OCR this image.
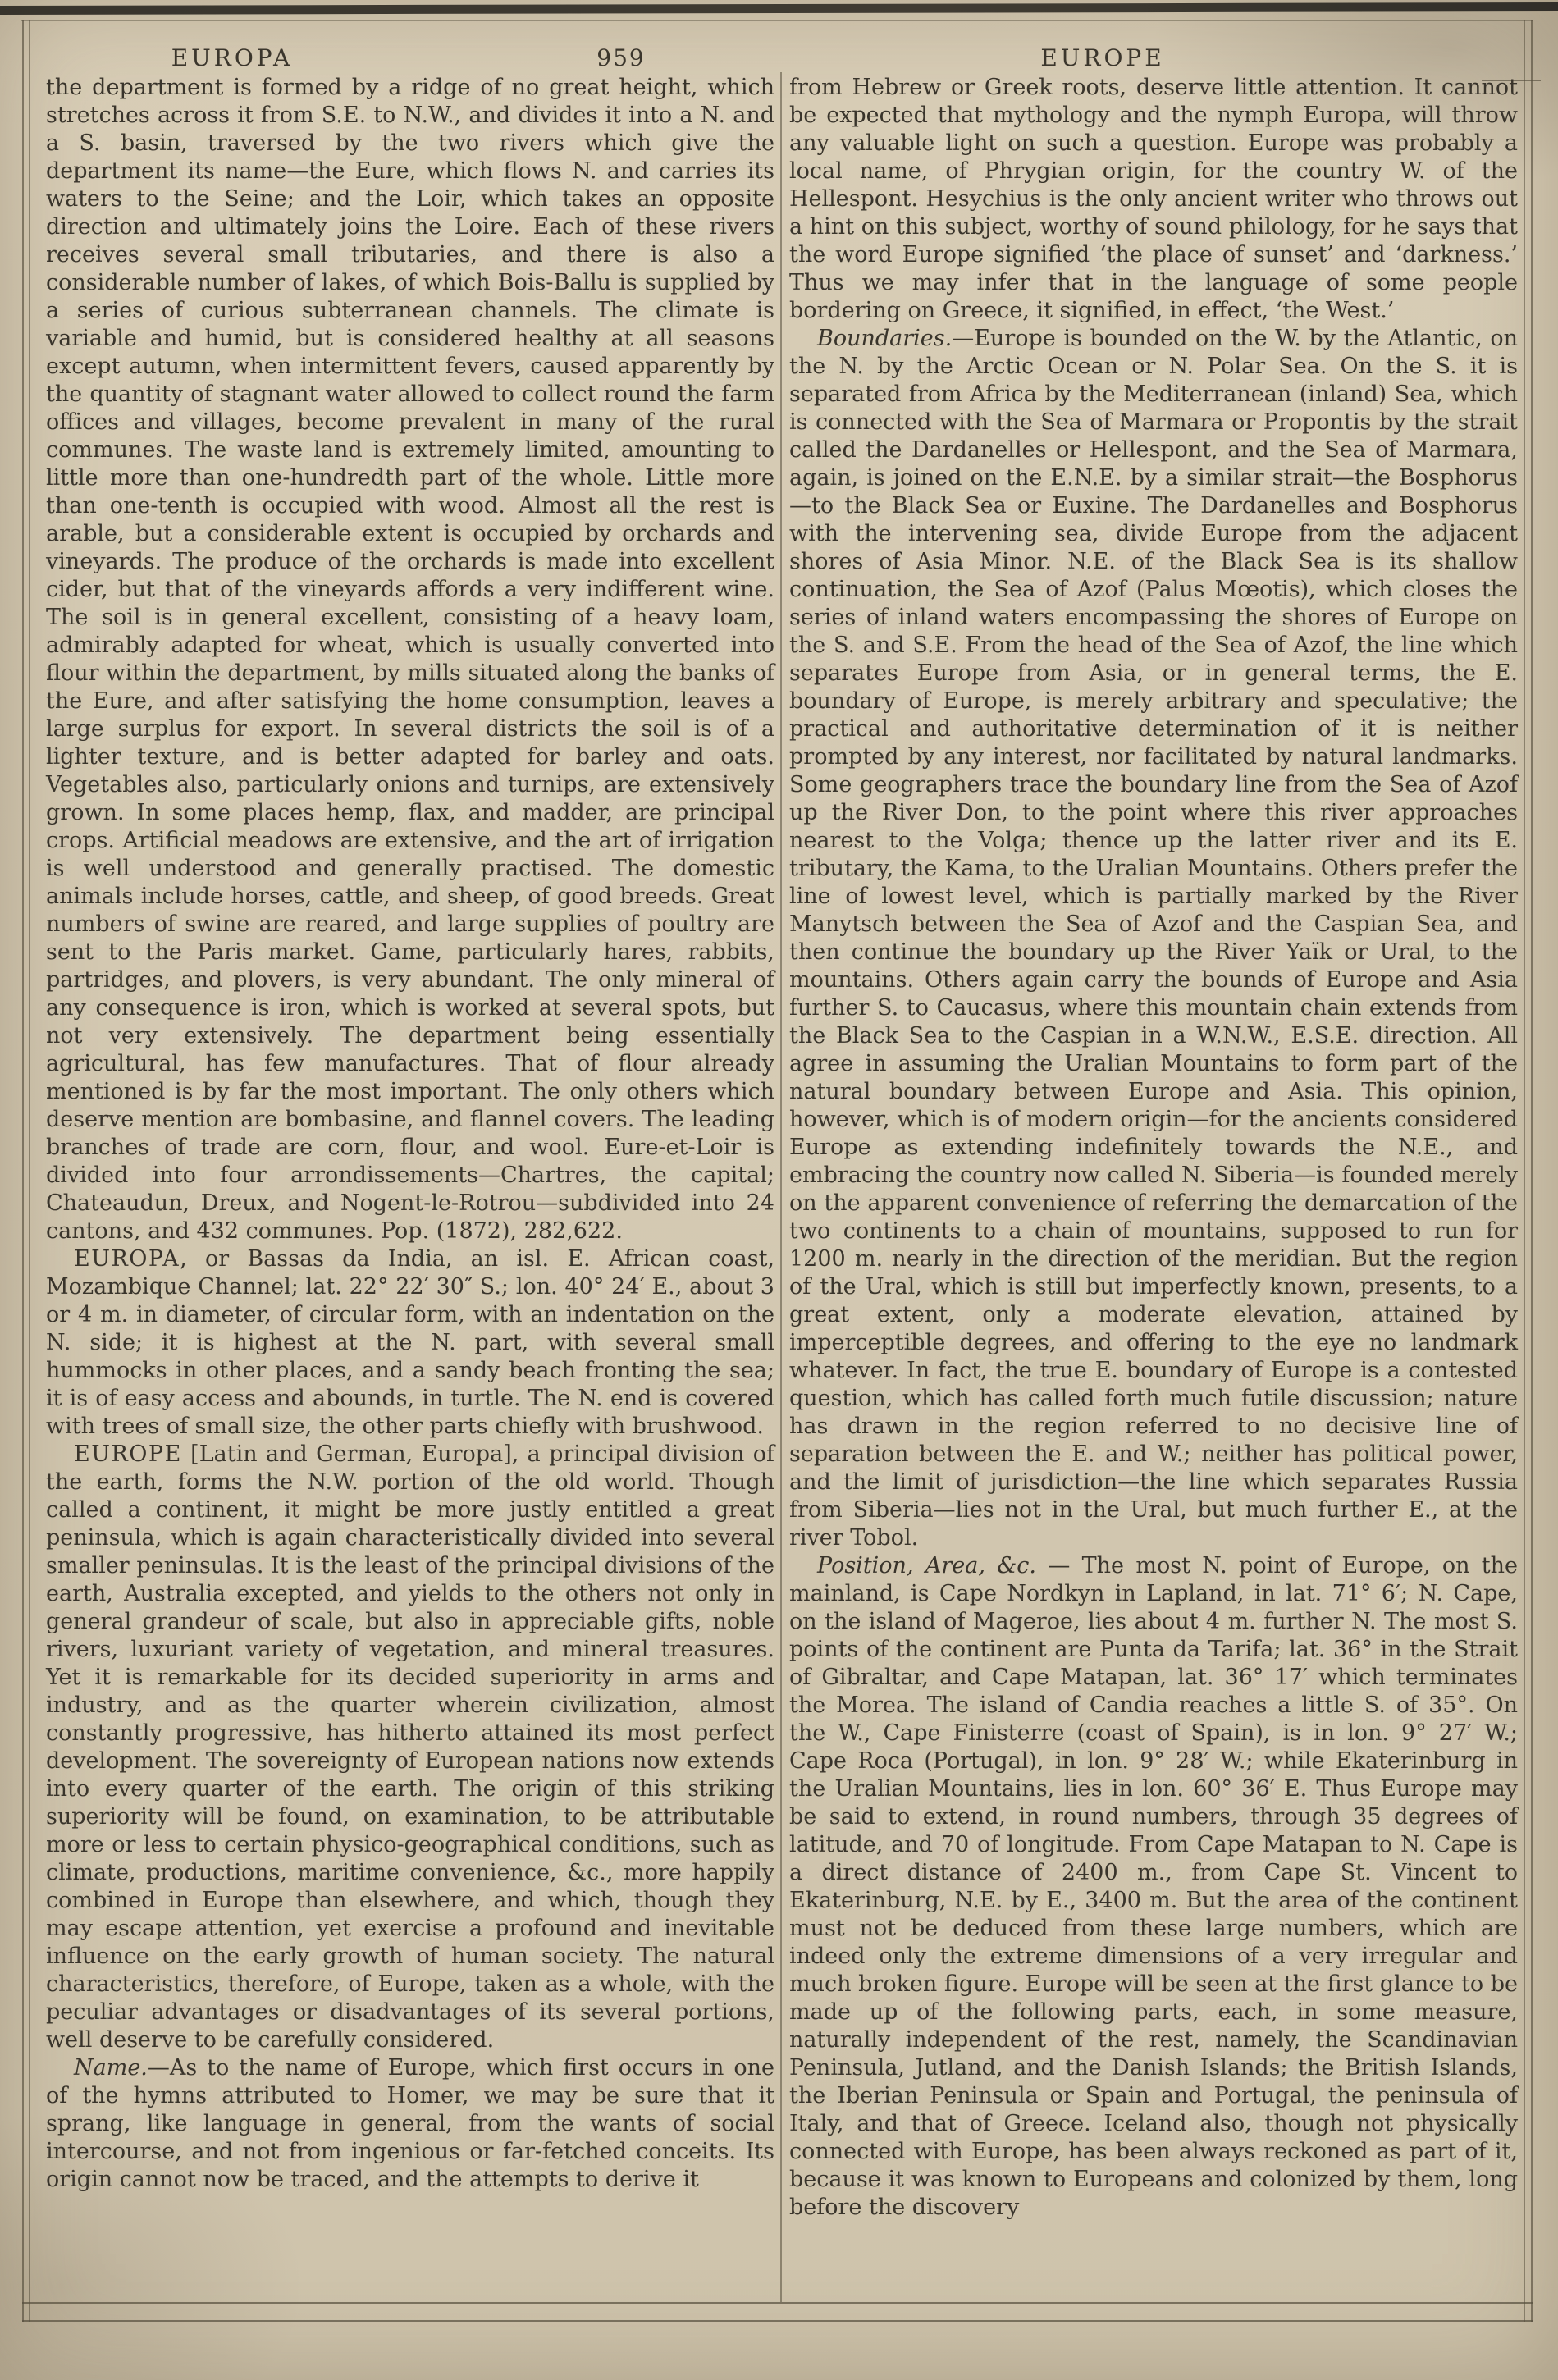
EUROPA	959	EUROPE

the department is formed by a ridge of no great height, which stretches across it from S.E. to N.W., and divides it into a N. and a S. basin, traversed by the two rivers which give the department its name—the Eure, which flows N. and carries its waters to the Seine; and the Loir, which takes an opposite direction and ultimately joins the Loire. Each of these rivers receives several small tributaries, and there is also a considerable number of lakes, of which Bois-Ballu is supplied by a series of curious subterranean channels. The climate is variable and humid, but is considered healthy at all seasons except autumn, when intermittent fevers, caused apparently by the quantity of stagnant water allowed to collect round the farm offices and villages, become prevalent in many of the rural communes. The waste land is extremely limited, amounting to little more than one-hundredth part of the whole. Little more than one-tenth is occupied with wood. Almost all the rest is arable, but a considerable extent is occupied by orchards and vineyards. The produce of the orchards is made into excellent cider, but that of the vineyards affords a very indifferent wine. The soil is in general excellent, consisting of a heavy loam, admirably adapted for wheat, which is usually converted into flour within the department, by mills situated along the banks of the Eure, and after satisfying the home consumption, leaves a large surplus for export. In several districts the soil is of a lighter texture, and is better adapted for barley and oats. Vegetables also, particularly onions and turnips, are extensively grown. In some places hemp, flax, and madder, are principal crops. Artificial meadows are extensive, and the art of irrigation is well understood and generally practised. The domestic animals include horses, cattle, and sheep, of good breeds. Great numbers of swine are reared, and large supplies of poultry are sent to the Paris market. Game, particularly hares, rabbits, partridges, and plovers, is very abundant. The only mineral of any consequence is iron, which is worked at several spots, but not very extensively. The department being essentially agricultural, has few manufactures. That of flour already mentioned is by far the most important. The only others which deserve mention are bombasine, and flannel covers. The leading branches of trade are corn, flour, and wool. Eure-et-Loir is divided into four arrondissements—Chartres, the capital; Chateaudun, Dreux, and Nogent-le-Rotrou—subdivided into 24 cantons, and 432 communes. Pop. (1872), 282,622.

EUROPA, or Bassas da India, an isl. E. African coast, Mozambique Channel; lat. 22° 22′ 30″ S.; lon. 40° 24′ E., about 3 or 4 m. in diameter, of circular form, with an indentation on the N. side; it is highest at the N. part, with several small hummocks in other places, and a sandy beach fronting the sea; it is of easy access and abounds, in turtle. The N. end is covered with trees of small size, the other parts chiefly with brushwood.

EUROPE [Latin and German, Europa], a principal division of the earth, forms the N.W. portion of the old world. Though called a continent, it might be more justly entitled a great peninsula, which is again characteristically divided into several smaller peninsulas. It is the least of the principal divisions of the earth, Australia excepted, and yields to the others not only in general grandeur of scale, but also in appreciable gifts, noble rivers, luxuriant variety of vegetation, and mineral treasures. Yet it is remarkable for its decided superiority in arms and industry, and as the quarter wherein civilization, almost constantly progressive, has hitherto attained its most perfect development. The sovereignty of European nations now extends into every quarter of the earth. The origin of this striking superiority will be found, on examination, to be attributable more or less to certain physico-geographical conditions, such as climate, productions, maritime convenience, &c., more happily combined in Europe than elsewhere, and which, though they may escape attention, yet exercise a profound and inevitable influence on the early growth of human society. The natural characteristics, therefore, of Europe, taken as a whole, with the peculiar advantages or disadvantages of its several portions, well deserve to be carefully considered.

Name.—As to the name of Europe, which first occurs in one of the hymns attributed to Homer, we may be sure that it sprang, like language in general, from the wants of social intercourse, and not from ingenious or far-fetched conceits. Its origin cannot now be traced, and the attempts to derive it

from Hebrew or Greek roots, deserve little attention. It cannot be expected that mythology and the nymph Europa, will throw any valuable light on such a question. Europe was probably a local name, of Phrygian origin, for the country W. of the Hellespont. Hesychius is the only ancient writer who throws out a hint on this subject, worthy of sound philology, for he says that the word Europe signified ‘the place of sunset’ and ‘darkness.’ Thus we may infer that in the language of some people bordering on Greece, it signified, in effect, ‘the West.’

Boundaries.—Europe is bounded on the W. by the Atlantic, on the N. by the Arctic Ocean or N. Polar Sea. On the S. it is separated from Africa by the Mediterranean (inland) Sea, which is connected with the Sea of Marmara or Propontis by the strait called the Dardanelles or Hellespont, and the Sea of Marmara, again, is joined on the E.N.E. by a similar strait—the Bosphorus—to the Black Sea or Euxine. The Dardanelles and Bosphorus with the intervening sea, divide Europe from the adjacent shores of Asia Minor. N.E. of the Black Sea is its shallow continuation, the Sea of Azof (Palus Mœotis), which closes the series of inland waters encompassing the shores of Europe on the S. and S.E. From the head of the Sea of Azof, the line which separates Europe from Asia, or in general terms, the E. boundary of Europe, is merely arbitrary and speculative; the practical and authoritative determination of it is neither prompted by any interest, nor facilitated by natural landmarks. Some geographers trace the boundary line from the Sea of Azof up the River Don, to the point where this river approaches nearest to the Volga; thence up the latter river and its E. tributary, the Kama, to the Uralian Mountains. Others prefer the line of lowest level, which is partially marked by the River Manytsch between the Sea of Azof and the Caspian Sea, and then continue the boundary up the River Yaïk or Ural, to the mountains. Others again carry the bounds of Europe and Asia further S. to Caucasus, where this mountain chain extends from the Black Sea to the Caspian in a W.N.W., E.S.E. direction. All agree in assuming the Uralian Mountains to form part of the natural boundary between Europe and Asia. This opinion, however, which is of modern origin—for the ancients considered Europe as extending indefinitely towards the N.E., and embracing the country now called N. Siberia—is founded merely on the apparent convenience of referring the demarcation of the two continents to a chain of mountains, supposed to run for 1200 m. nearly in the direction of the meridian. But the region of the Ural, which is still but imperfectly known, presents, to a great extent, only a moderate elevation, attained by imperceptible degrees, and offering to the eye no landmark whatever. In fact, the true E. boundary of Europe is a contested question, which has called forth much futile discussion; nature has drawn in the region referred to no decisive line of separation between the E. and W.; neither has political power, and the limit of jurisdiction—the line which separates Russia from Siberia—lies not in the Ural, but much further E., at the river Tobol.

Position, Area, &c. — The most N. point of Europe, on the mainland, is Cape Nordkyn in Lapland, in lat. 71° 6′; N. Cape, on the island of Mageroe, lies about 4 m. further N. The most S. points of the continent are Punta da Tarifa; lat. 36° in the Strait of Gibraltar, and Cape Matapan, lat. 36° 17′ which terminates the Morea. The island of Candia reaches a little S. of 35°. On the W., Cape Finisterre (coast of Spain), is in lon. 9° 27′ W.; Cape Roca (Portugal), in lon. 9° 28′ W.; while Ekaterinburg in the Uralian Mountains, lies in lon. 60° 36′ E. Thus Europe may be said to extend, in round numbers, through 35 degrees of latitude, and 70 of longitude. From Cape Matapan to N. Cape is a direct distance of 2400 m., from Cape St. Vincent to Ekaterinburg, N.E. by E., 3400 m. But the area of the continent must not be deduced from these large numbers, which are indeed only the extreme dimensions of a very irregular and much broken figure. Europe will be seen at the first glance to be made up of the following parts, each, in some measure, naturally independent of the rest, namely, the Scandinavian Peninsula, Jutland, and the Danish Islands; the British Islands, the Iberian Peninsula or Spain and Portugal, the peninsula of Italy, and that of Greece. Iceland also, though not physically connected with Europe, has been always reckoned as part of it, because it was known to Europeans and colonized by them, long before the discovery
